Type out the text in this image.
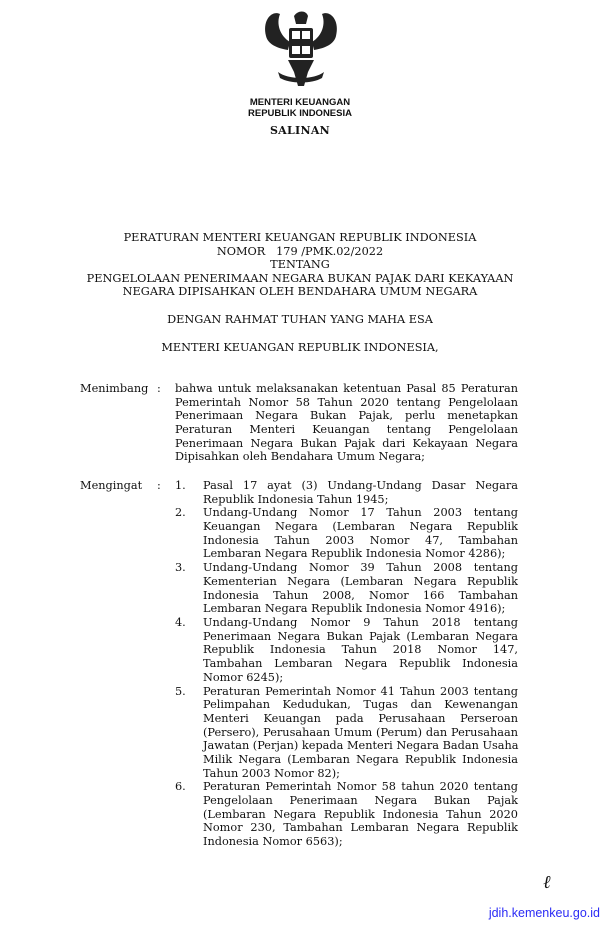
MENTERI KEUANGAN
REPUBLIK INDONESIA
SALINAN
PERATURAN MENTERI KEUANGAN REPUBLIK INDONESIA
NOMOR   179 /PMK.02/2022
TENTANG
PENGELOLAAN PENERIMAAN NEGARA BUKAN PAJAK DARI KEKAYAAN
NEGARA DIPISAHKAN OLEH BENDAHARA UMUM NEGARA
DENGAN RAHMAT TUHAN YANG MAHA ESA
MENTERI KEUANGAN REPUBLIK INDONESIA,
Menimbang : bahwa untuk melaksanakan ketentuan Pasal 85 Peraturan
Pemerintah Nomor 58 Tahun 2020 tentang Pengelolaan
Penerimaan Negara Bukan Pajak, perlu menetapkan
Peraturan Menteri Keuangan tentang Pengelolaan
Penerimaan Negara Bukan Pajak dari Kekayaan Negara
Dipisahkan oleh Bendahara Umum Negara;
Mengingat : 1. Pasal 17 ayat (3) Undang-Undang Dasar Negara
Republik Indonesia Tahun 1945;
2. Undang-Undang Nomor 17 Tahun 2003 tentang
Keuangan Negara (Lembaran Negara Republik
Indonesia Tahun 2003 Nomor 47, Tambahan
Lembaran Negara Republik Indonesia Nomor 4286);
3. Undang-Undang Nomor 39 Tahun 2008 tentang
Kementerian Negara (Lembaran Negara Republik
Indonesia Tahun 2008, Nomor 166 Tambahan
Lembaran Negara Republik Indonesia Nomor 4916);
4. Undang-Undang Nomor 9 Tahun 2018 tentang
Penerimaan Negara Bukan Pajak (Lembaran Negara
Republik Indonesia Tahun 2018 Nomor 147,
Tambahan Lembaran Negara Republik Indonesia
Nomor 6245);
5. Peraturan Pemerintah Nomor 41 Tahun 2003 tentang
Pelimpahan Kedudukan, Tugas dan Kewenangan
Menteri Keuangan pada Perusahaan Perseroan
(Persero), Perusahaan Umum (Perum) dan Perusahaan
Jawatan (Perjan) kepada Menteri Negara Badan Usaha
Milik Negara (Lembaran Negara Republik Indonesia
Tahun 2003 Nomor 82);
6. Peraturan Pemerintah Nomor 58 tahun 2020 tentang
Pengelolaan Penerimaan Negara Bukan Pajak
(Lembaran Negara Republik Indonesia Tahun 2020
Nomor 230, Tambahan Lembaran Negara Republik
Indonesia Nomor 6563);
ℓ
jdih.kemenkeu.go.id
